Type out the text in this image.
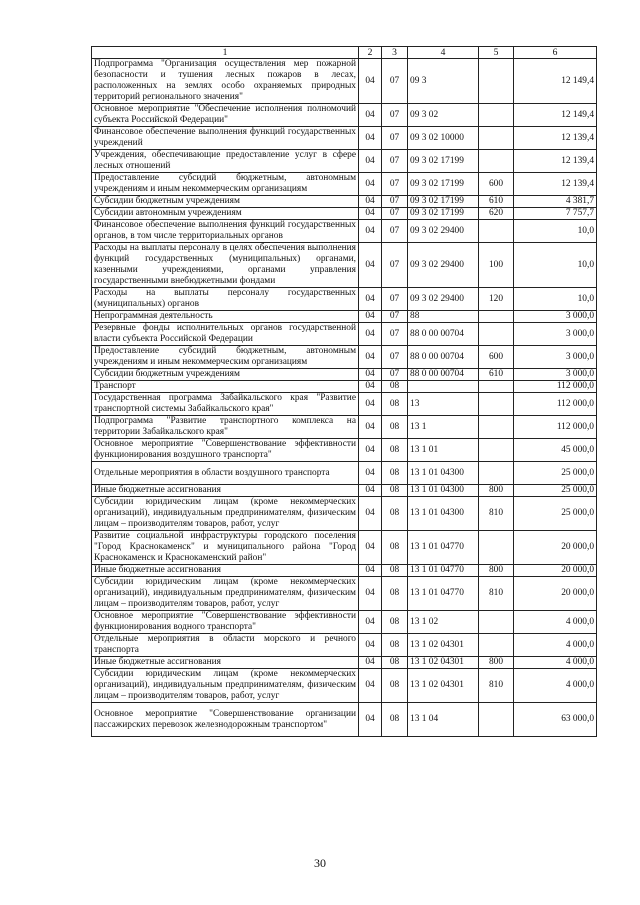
1	2	3	4	5	6
Подпрограмма "Организация осуществления мер пожарной безопасности и тушения лесных пожаров в лесах, расположенных на землях особо охраняемых природных территорий регионального значения"	04	07	09 3		12 149,4
Основное мероприятие "Обеспечение исполнения полномочий субъекта Российской Федерации"	04	07	09 3 02		12 149,4
Финансовое обеспечение выполнения функций государственных учреждений	04	07	09 3 02 10000		12 139,4
Учреждения, обеспечивающие предоставление услуг в сфере лесных отношений	04	07	09 3 02 17199		12 139,4
Предоставление субсидий бюджетным, автономным учреждениям и иным некоммерческим организациям	04	07	09 3 02 17199	600	12 139,4
Субсидии бюджетным учреждениям	04	07	09 3 02 17199	610	4 381,7
Субсидии автономным учреждениям	04	07	09 3 02 17199	620	7 757,7
Финансовое обеспечение выполнения функций государственных органов, в том числе территориальных органов	04	07	09 3 02 29400		10,0
Расходы на выплаты персоналу в целях обеспечения выполнения функций государственных (муниципальных) органами, казенными учреждениями, органами управления государственными внебюджетными фондами	04	07	09 3 02 29400	100	10,0
Расходы на выплаты персоналу государственных (муниципальных) органов	04	07	09 3 02 29400	120	10,0
Непрограммная деятельность	04	07	88		3 000,0
Резервные фонды исполнительных органов государственной власти субъекта Российской Федерации	04	07	88 0 00 00704		3 000,0
Предоставление субсидий бюджетным, автономным учреждениям и иным некоммерческим организациям	04	07	88 0 00 00704	600	3 000,0
Субсидии бюджетным учреждениям	04	07	88 0 00 00704	610	3 000,0
Транспорт	04	08			112 000,0
Государственная программа Забайкальского края "Развитие транспортной системы Забайкальского края"	04	08	13		112 000,0
Подпрограмма "Развитие транспортного комплекса на территории Забайкальского края"	04	08	13 1		112 000,0
Основное мероприятие "Совершенствование эффективности функционирования воздушного транспорта"	04	08	13 1 01		45 000,0
Отдельные мероприятия в области воздушного транспорта	04	08	13 1 01 04300		25 000,0
Иные бюджетные ассигнования	04	08	13 1 01 04300	800	25 000,0
Субсидии юридическим лицам (кроме некоммерческих организаций), индивидуальным предпринимателям, физическим лицам – производителям товаров, работ, услуг	04	08	13 1 01 04300	810	25 000,0
Развитие социальной инфраструктуры городского поселения "Город Краснокаменск" и муниципального района "Город Краснокаменск и Краснокаменский район"	04	08	13 1 01 04770		20 000,0
Иные бюджетные ассигнования	04	08	13 1 01 04770	800	20 000,0
Субсидии юридическим лицам (кроме некоммерческих организаций), индивидуальным предпринимателям, физическим лицам – производителям товаров, работ, услуг	04	08	13 1 01 04770	810	20 000,0
Основное мероприятие "Совершенствование эффективности функционирования водного транспорта"	04	08	13 1 02		4 000,0
Отдельные мероприятия в области морского и речного транспорта	04	08	13 1 02 04301		4 000,0
Иные бюджетные ассигнования	04	08	13 1 02 04301	800	4 000,0
Субсидии юридическим лицам (кроме некоммерческих организаций), индивидуальным предпринимателям, физическим лицам – производителям товаров, работ, услуг	04	08	13 1 02 04301	810	4 000,0
Основное мероприятие "Совершенствование организации пассажирских перевозок железнодорожным транспортом"	04	08	13 1 04		63 000,0
30
